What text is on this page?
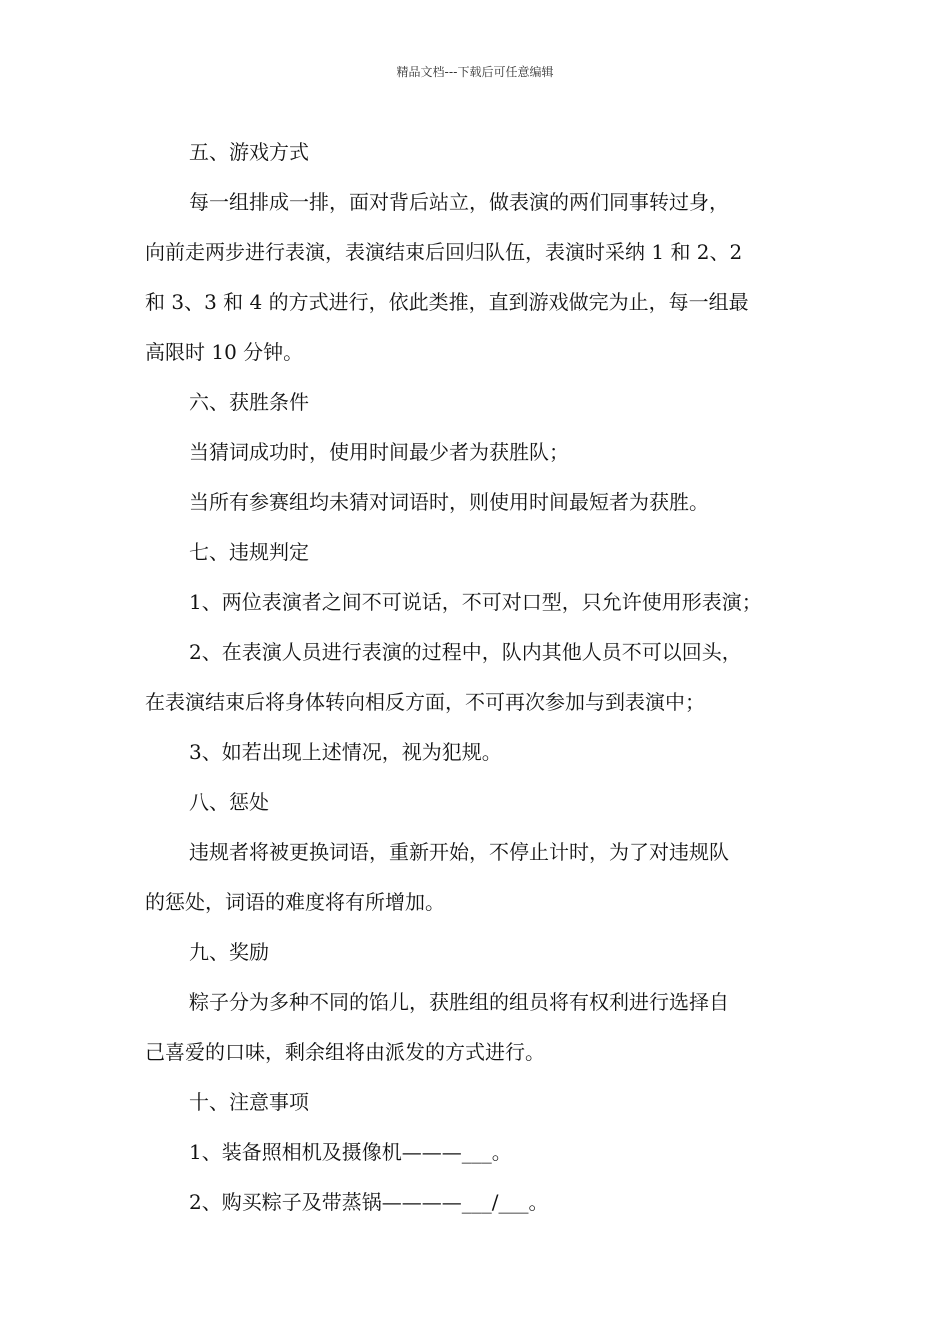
精品文档---下载后可任意编辑
五、游戏方式
每一组排成一排，面对背后站立，做表演的两们同事转过身，
向前走两步进行表演，表演结束后回归队伍，表演时采纳 1 和 2、2
和 3、3 和 4 的方式进行，依此类推，直到游戏做完为止，每一组最
高限时 10 分钟。
六、获胜条件
当猜词成功时，使用时间最少者为获胜队；
当所有参赛组均未猜对词语时，则使用时间最短者为获胜。
七、违规判定
1、两位表演者之间不可说话，不可对口型，只允许使用形表演；
2、在表演人员进行表演的过程中，队内其他人员不可以回头，
在表演结束后将身体转向相反方面，不可再次参加与到表演中；
3、如若出现上述情况，视为犯规。
八、惩处
违规者将被更换词语，重新开始，不停止计时，为了对违规队
的惩处，词语的难度将有所增加。
九、奖励
粽子分为多种不同的馅儿，获胜组的组员将有权利进行选择自
己喜爱的口味，剩余组将由派发的方式进行。
十、注意事项
1、装备照相机及摄像机———___。
2、购买粽子及带蒸锅————___/___。
